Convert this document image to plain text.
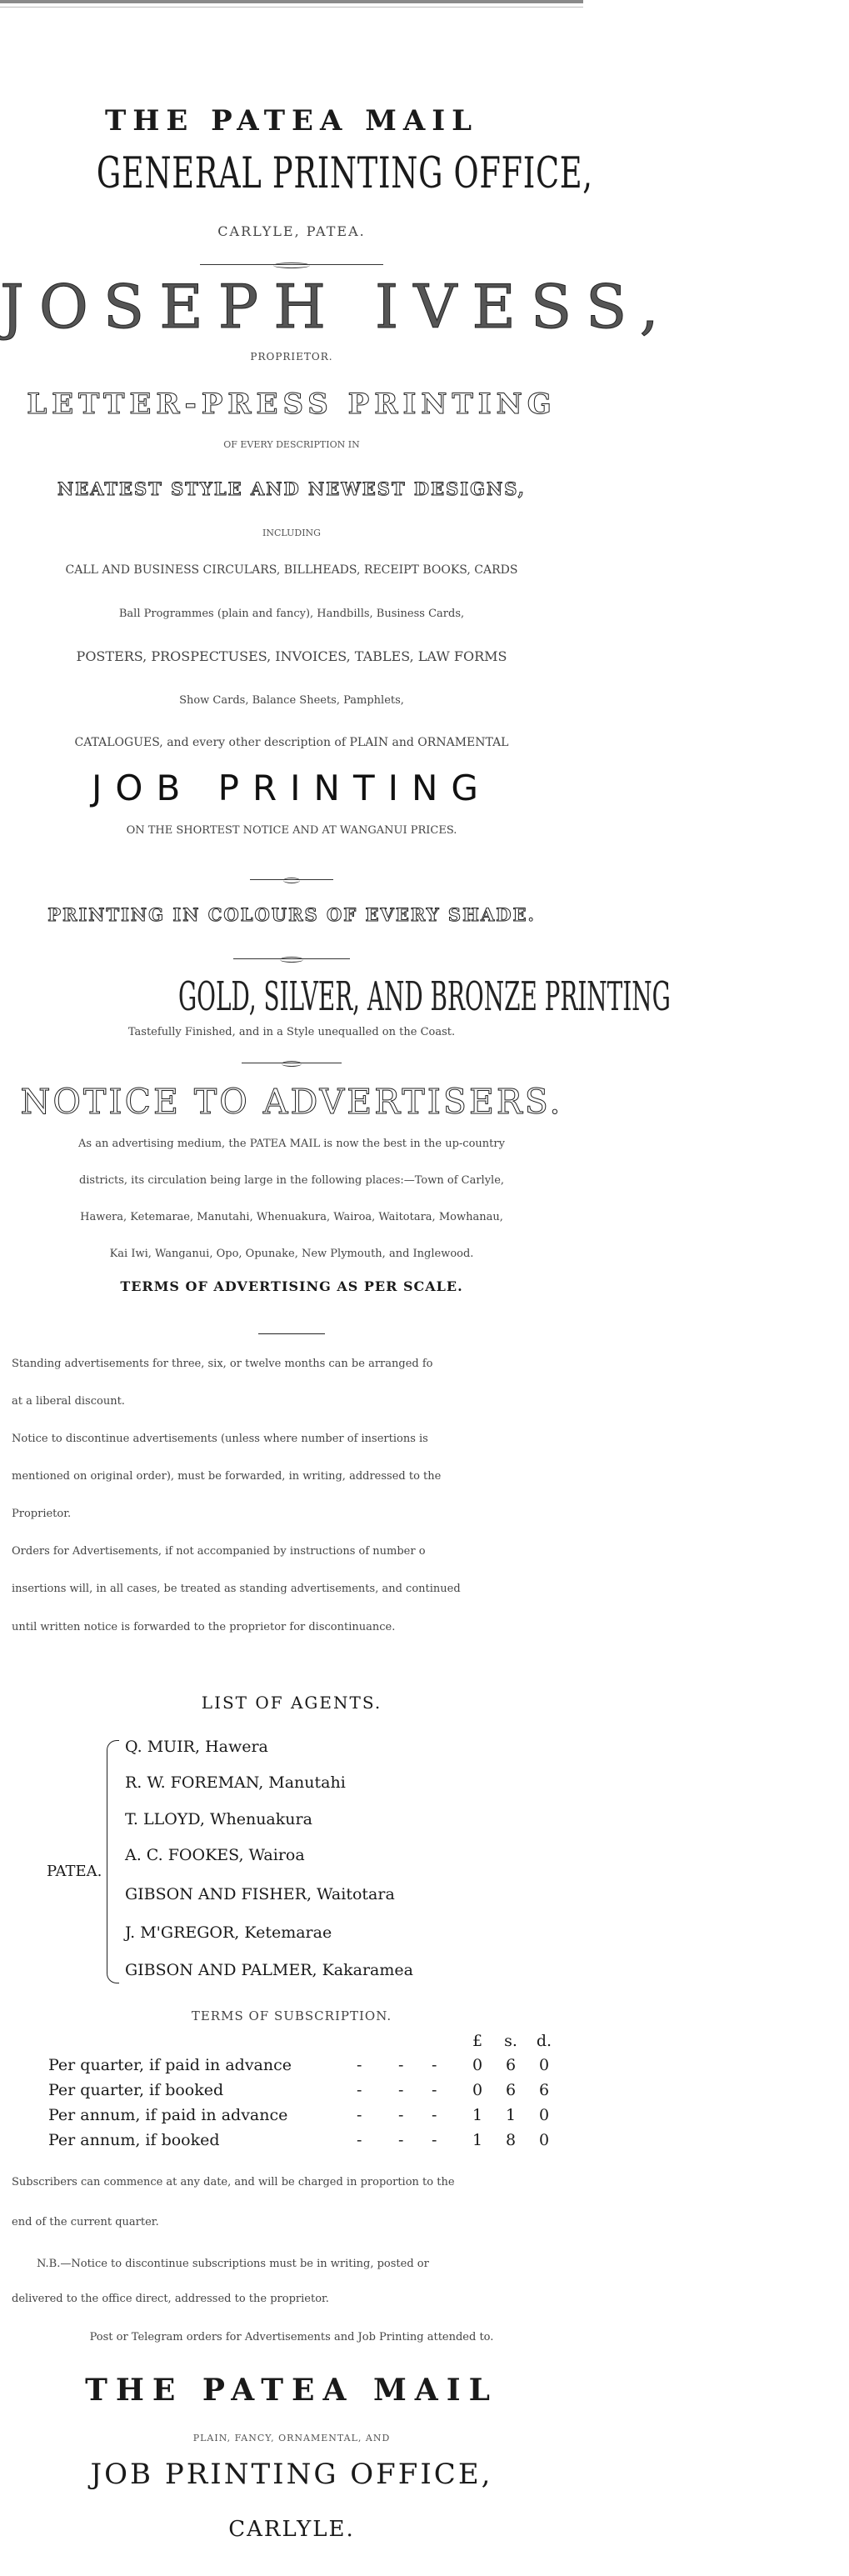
THE PATEA MAIL
GENERAL PRINTING OFFICE,
CARLYLE, PATEA.
JOSEPH IVESS,
PROPRIETOR.
LETTER-PRESS PRINTING
OF EVERY DESCRIPTION IN
NEATEST STYLE AND NEWEST DESIGNS,
INCLUDING
CALL AND BUSINESS CIRCULARS, BILLHEADS, RECEIPT BOOKS, CARDS
Ball Programmes (plain and fancy), Handbills, Business Cards,
POSTERS, PROSPECTUSES, INVOICES, TABLES, LAW FORMS
Show Cards, Balance Sheets, Pamphlets,
CATALOGUES, and every other description of PLAIN and ORNAMENTAL
JOB PRINTING
ON THE SHORTEST NOTICE AND AT WANGANUI PRICES.
PRINTING IN COLOURS OF EVERY SHADE.
GOLD, SILVER, AND BRONZE PRINTING
Tastefully Finished, and in a Style unequalled on the Coast.
NOTICE TO ADVERTISERS.
As an advertising medium, the PATEA MAIL is now the best in the up-country
districts, its circulation being large in the following places:—Town of Carlyle,
Hawera, Ketemarae, Manutahi, Whenuakura, Wairoa, Waitotara, Mowhanau,
Kai Iwi, Wanganui, Opo, Opunake, New Plymouth, and Inglewood.
TERMS OF ADVERTISING AS PER SCALE.
Standing advertisements for three, six, or twelve months can be arranged fo
at a liberal discount.
Notice to discontinue advertisements (unless where number of insertions is
mentioned on original order), must be forwarded, in writing, addressed to the
Proprietor.
Orders for Advertisements, if not accompanied by instructions of number o
insertions will, in all cases, be treated as standing advertisements, and continued
until written notice is forwarded to the proprietor for discontinuance.
LIST OF AGENTS.
PATEA.
Q. MUIR, Hawera
R. W. FOREMAN, Manutahi
T. LLOYD, Whenuakura
A. C. FOOKES, Wairoa
GIBSON AND FISHER, Waitotara
J. M'GREGOR, Ketemarae
GIBSON AND PALMER, Kakaramea
TERMS OF SUBSCRIPTION.
£ s. d.
Per quarter, if paid in advance	- - - 0 6 0
Per quarter, if booked	- - - 0 6 6
Per annum, if paid in advance	- - - 1 1 0
Per annum, if booked	- - - 1 8 0
Subscribers can commence at any date, and will be charged in proportion to the
end of the current quarter.
N.B.—Notice to discontinue subscriptions must be in writing, posted or
delivered to the office direct, addressed to the proprietor.
Post or Telegram orders for Advertisements and Job Printing attended to.
THE PATEA MAIL
PLAIN, FANCY, ORNAMENTAL, AND
JOB PRINTING OFFICE,
CARLYLE.
